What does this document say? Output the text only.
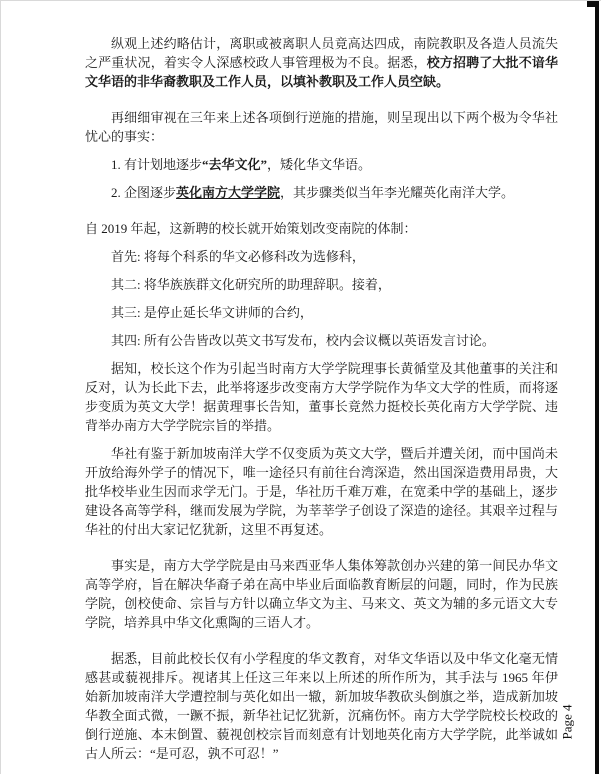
纵观上述约略估计，离职或被离职人员竟高达四成，南院教职及各造人员流失之严重状况，着实令人深感校政人事管理极为不良。据悉，校方招聘了大批不谙华文华语的非华裔教职及工作人员，以填补教职及工作人员空缺。

再细细审视在三年来上述各项倒行逆施的措施，则呈现出以下两个极为令华社忧心的事实：

1. 有计划地逐步“去华文化”，矮化华文华语。

2. 企图逐步英化南方大学学院，其步骤类似当年李光耀英化南洋大学。

自 2019 年起，这新聘的校长就开始策划改变南院的体制：

首先: 将每个科系的华文必修科改为选修科，

其二: 将华族族群文化研究所的助理辞职。接着，

其三: 是停止延长华文讲师的合约，

其四: 所有公告皆改以英文书写发布，校内会议概以英语发言讨论。

据知，校长这个作为引起当时南方大学学院理事长黄循堂及其他董事的关注和反对，认为长此下去，此举将逐步改变南方大学学院作为华文大学的性质，而将逐步变质为英文大学！据黄理事长告知，董事长竟然力挺校长英化南方大学学院、违背举办南方大学学院宗旨的举措。

华社有鉴于新加坡南洋大学不仅变质为英文大学，暨后并遭关闭，而中国尚未开放给海外学子的情况下，唯一途径只有前往台湾深造，然出国深造费用昂贵，大批华校毕业生因而求学无门。于是，华社历千难万难，在宽柔中学的基础上，逐步建设各高等学科，继而发展为学院，为莘莘学子创设了深造的途径。其艰辛过程与华社的付出大家记忆犹新，这里不再复述。

事实是，南方大学学院是由马来西亚华人集体筹款创办兴建的第一间民办华文高等学府，旨在解决华裔子弟在高中毕业后面临教育断层的问题，同时，作为民族学院，创校使命、宗旨与方针以确立华文为主、马来文、英文为辅的多元语文大专学院，培养具中华文化熏陶的三语人才。

据悉，目前此校长仅有小学程度的华文教育，对华文华语以及中华文化毫无情感甚或藐视排斥。视诸其上任这三年来以上所述的所作所为，其手法与 1965 年伊始新加坡南洋大学遭控制与英化如出一辙，新加坡华教砍头倒旗之举，造成新加坡华教全面式微，一蹶不振，新华社记忆犹新，沉痛伤怀。南方大学学院校长校政的倒行逆施、本末倒置、藐视创校宗旨而刻意有计划地英化南方大学学院，此举诚如古人所云：“是可忍，孰不可忍！”

Page 4
